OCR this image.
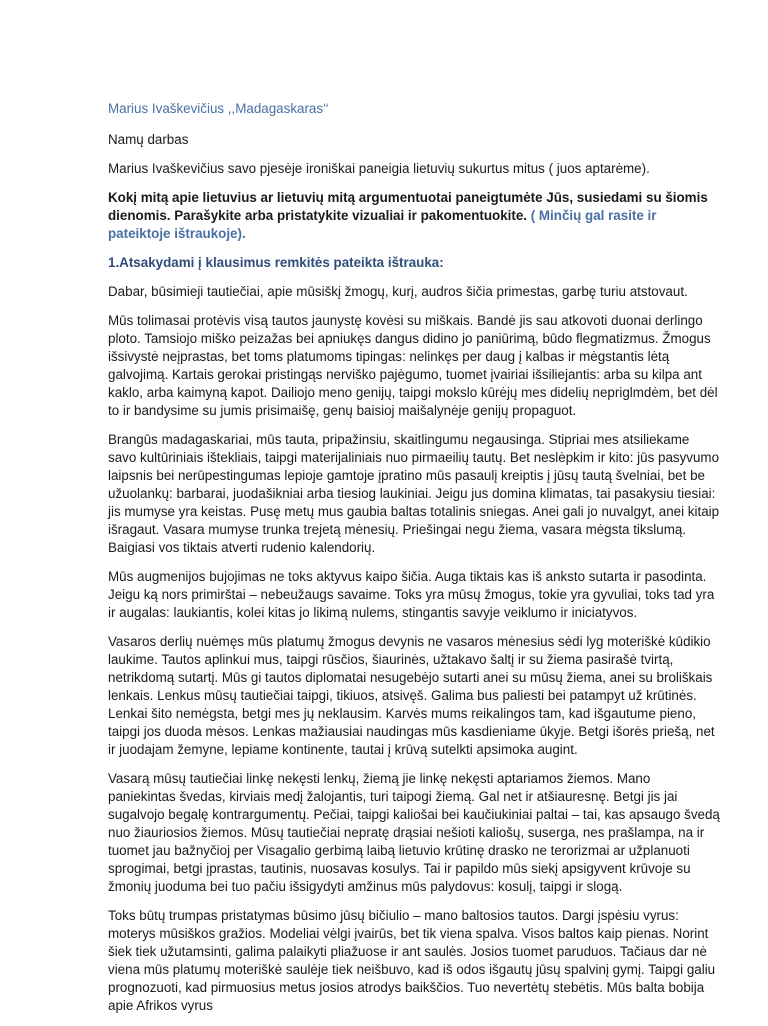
Marius Ivaškevičius ,,Madagaskaras‘‘
Namų darbas
Marius Ivaškevičius savo pjesėje ironiškai paneigia lietuvių sukurtus mitus ( juos aptarėme).
Kokį mitą apie lietuvius ar lietuvių mitą argumentuotai paneigtumėte Jūs, susiedami su šiomis dienomis. Parašykite arba pristatykite vizualiai ir pakomentuokite. ( Minčių gal rasite ir pateiktoje ištraukoje).
1.Atsakydami į klausimus remkitės pateikta ištrauka:
Dabar, būsimieji tautiečiai, apie mūsiškį žmogų, kurį, audros šičia primestas, garbę turiu atstovaut.
Mūs tolimasai protėvis visą tautos jaunystę kovėsi su miškais. Bandė jis sau atkovoti duonai derlingo ploto. Tamsiojo miško peizažas bei apniukęs dangus didino jo paniūrimą, būdo flegmatizmus. Žmogus išsivystė neįprastas, bet toms platumoms tipingas: nelinkęs per daug į kalbas ir mėgstantis lėtą galvojimą. Kartais gerokai pristingąs nerviško pajėgumo, tuomet įvairiai išsiliejantis: arba su kilpa ant kaklo, arba kaimyną kapot. Dailiojo meno genijų, taipgi mokslo kūrėjų mes didelių nepriglmdėm, bet dėl to ir bandysime su jumis prisimaišę, genų baisioj maišalynėje genijų propaguot.
Brangūs madagaskariai, mūs tauta, pripažinsiu, skaitlingumu negausinga. Stipriai mes atsiliekame savo kultūriniais ištekliais, taipgi materijaliniais nuo pirmaeilių tautų. Bet neslėpkim ir kito: jūs pasyvumo laipsnis bei nerūpestingumas lepioje gamtoje įpratino mūs pasaulį kreiptis į jūsų tautą švelniai, bet be užuolankų: barbarai, juodašikniai arba tiesiog laukiniai. Jeigu jus domina klimatas, tai pasakysiu tiesiai: jis mumyse yra keistas. Pusę metų mus gaubia baltas totalinis sniegas. Anei gali jo nuvalgyt, anei kitaip išragaut. Vasara mumyse trunka trejetą mėnesių. Priešingai negu žiema, vasara mėgsta tikslumą. Baigiasi vos tiktais atverti rudenio kalendorių.
Mūs augmenijos bujojimas ne toks aktyvus kaipo šičia. Auga tiktais kas iš anksto sutarta ir pasodinta. Jeigu ką nors primirštai – nebeužaugs savaime. Toks yra mūsų žmogus, tokie yra gyvuliai, toks tad yra ir augalas: laukiantis, kolei kitas jo likimą nulems, stingantis savyje veiklumo ir iniciatyvos.
Vasaros derlių nuėmęs mūs platumų žmogus devynis ne vasaros mėnesius sėdi lyg moteriškė kūdikio laukime. Tautos aplinkui mus, taipgi rūsčios, šiaurinės, užtakavo šaltį ir su žiema pasirašė tvirtą, netrikdomą sutartį. Mūs gi tautos diplomatai nesugebėjo sutarti anei su mūsų žiema, anei su broliškais lenkais. Lenkus mūsų tautiečiai taipgi, tikiuos, atsivęš. Galima bus paliesti bei patampyt už krūtinės. Lenkai šito nemėgsta, betgi mes jų neklausim. Karvės mums reikalingos tam, kad išgautume pieno, taipgi jos duoda mėsos. Lenkas mažiausiai naudingas mūs kasdieniame ūkyje. Betgi išorės priešą, net ir juodajam žemyne, lepiame kontinente, tautai į krūvą sutelkti apsimoka augint.
Vasarą mūsų tautiečiai linkę nekęsti lenkų, žiemą jie linkę nekęsti aptariamos žiemos. Mano paniekintas švedas, kirviais medį žalojantis, turi taipogi žiemą. Gal net ir atšiauresnę. Betgi jis jai sugalvojo begalę kontrargumentų. Pečiai, taipgi kaliošai bei kaučiukiniai paltai – tai, kas apsaugo švedą nuo žiauriosios žiemos. Mūsų tautiečiai nepratę drąsiai nešioti kaliošų, suserga, nes prašlampa, na ir tuomet jau bažnyčioj per Visagalio gerbimą laibą lietuvio krūtinę drasko ne terorizmai ar užplanuoti sprogimai, betgi įprastas, tautinis, nuosavas kosulys. Tai ir papildo mūs siekį apsigyvent krūvoje su žmonių juoduma bei tuo pačiu išsigydyti amžinus mūs palydovus: kosulį, taipgi ir slogą.
Toks būtų trumpas pristatymas būsimo jūsų bičiulio – mano baltosios tautos. Dargi įspėsiu vyrus: moterys mūsiškos gražios. Modeliai vėlgi įvairūs, bet tik viena spalva. Visos baltos kaip pienas. Norint šiek tiek užutamsinti, galima palaikyti pliažuose ir ant saulės. Josios tuomet paruduos. Tačiaus dar nė viena mūs platumų moteriškė saulėje tiek neišbuvo, kad iš odos išgautų jūsų spalvinį gymį. Taipgi galiu prognozuoti, kad pirmuosius metus josios atrodys baikščios. Tuo nevertėtų stebėtis. Mūs balta bobija apie Afrikos vyrus
